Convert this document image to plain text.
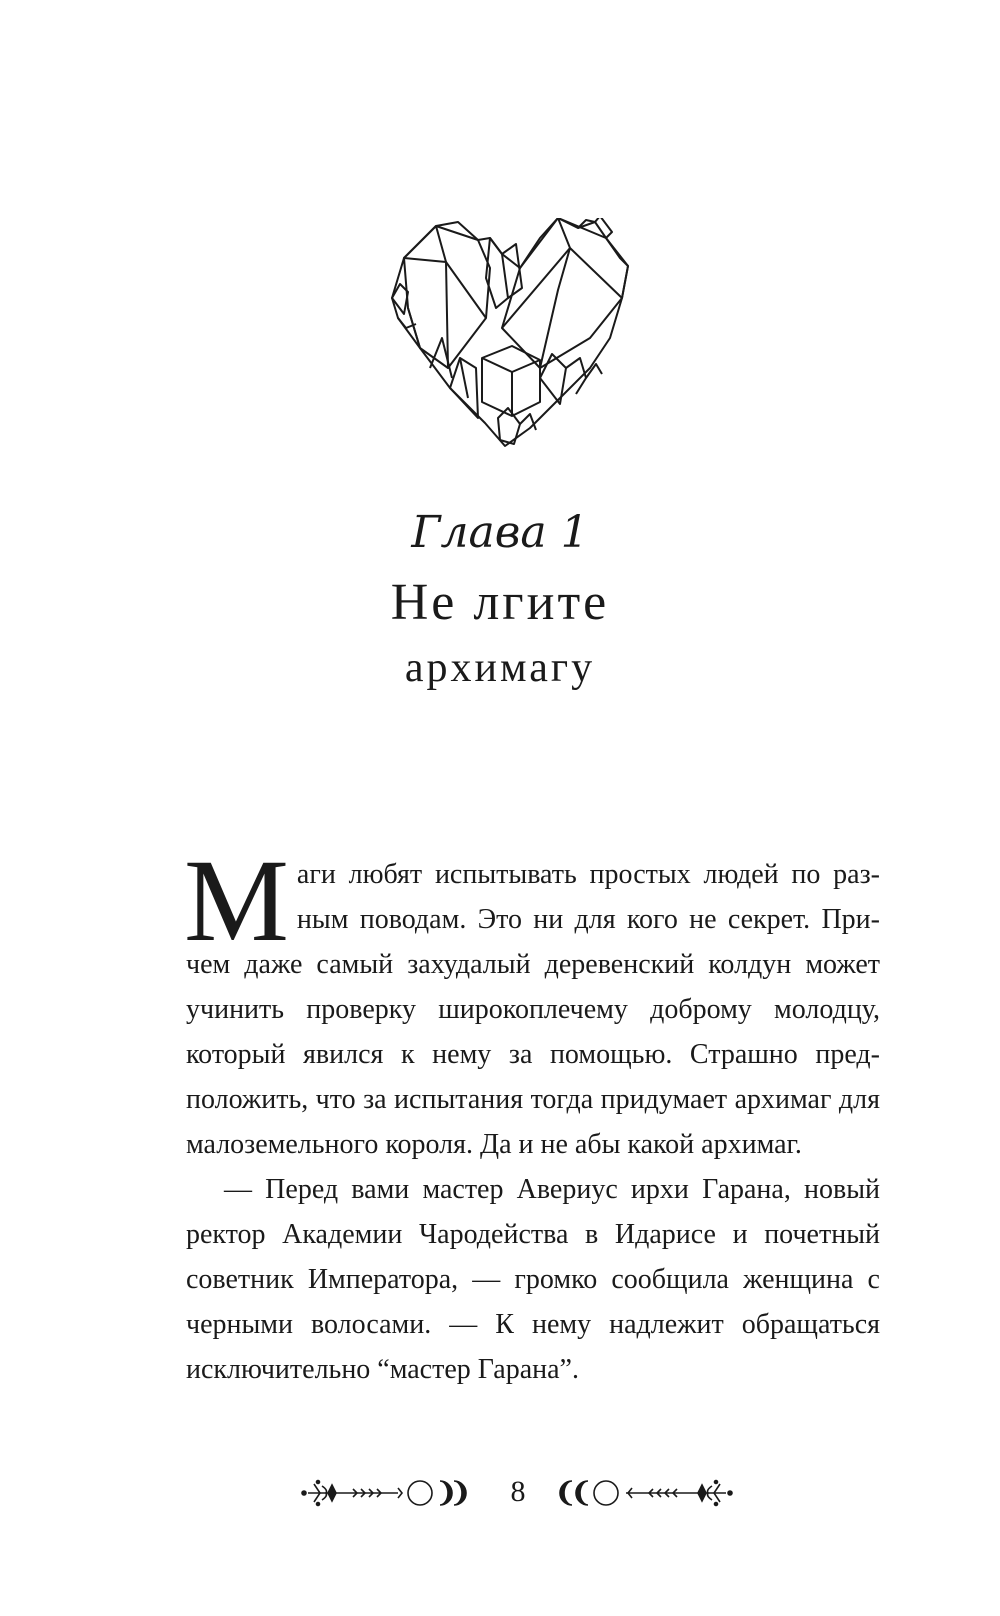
Глава 1
Не лгите
архимагу

Маги любят испытывать простых людей по разным поводам. Это ни для кого не секрет. Причем даже самый захудалый деревенский колдун может учинить проверку широкоплечему доброму молодцу, который явился к нему за помощью. Страшно предположить, что за испытания тогда придумает архимаг для малоземельного короля. Да и не абы какой архимаг.

— Перед вами мастер Авериус ирхи Гарана, новый ректор Академии Чародейства в Идарисе и почетный советник Императора, — громко сообщила женщина с черными волосами. — К нему надлежит обращаться исключительно “мастер Гарана”.

8
